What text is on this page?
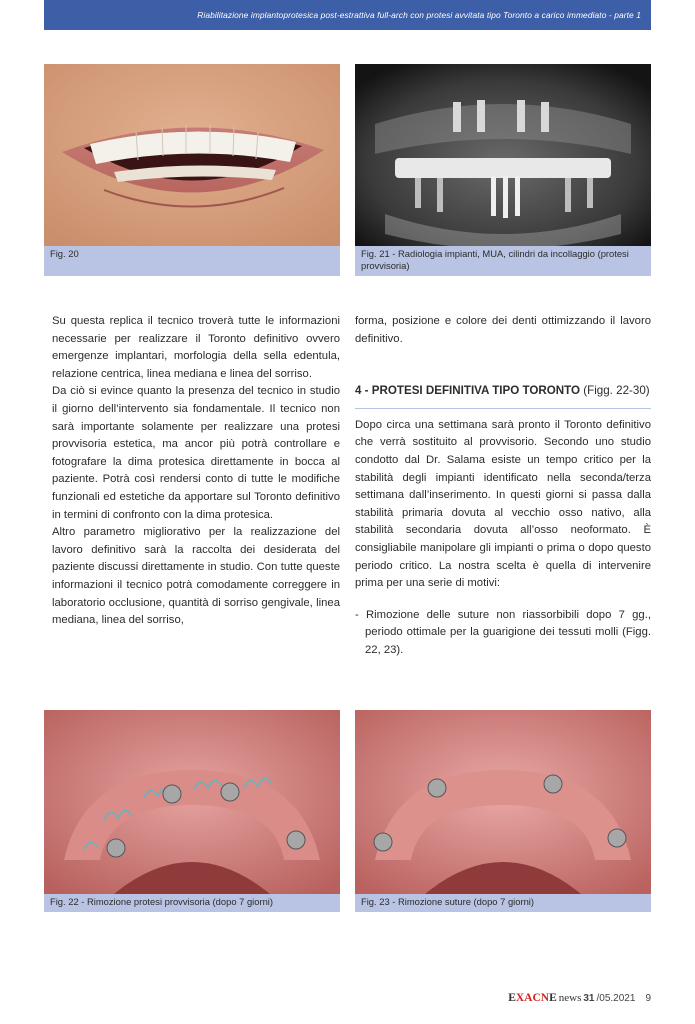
Riabilitazione implantoprotesica post-estrattiva full-arch con protesi avvitata tipo Toronto a carico immediato - parte 1
Fig. 20	Fig. 21 - Radiologia impianti, MUA, cilindri da incollaggio (protesi provvisoria)

Su questa replica il tecnico troverà tutte le informazioni necessarie per realizzare il Toronto definitivo ovvero emergenze implantari, morfologia della sella edentula, relazione centrica, linea mediana e linea del sorriso.

Da ciò si evince quanto la presenza del tecnico in studio il giorno dell’intervento sia fondamentale. Il tecnico non sarà importante solamente per realizzare una protesi provvisoria estetica, ma ancor più potrà controllare e fotografare la dima protesica direttamente in bocca al paziente. Potrà così rendersi conto di tutte le modifiche funzionali ed estetiche da apportare sul Toronto definitivo in termini di confronto con la dima protesica.

Altro parametro migliorativo per la realizzazione del lavoro definitivo sarà la raccolta dei desiderata del paziente discussi direttamente in studio. Con tutte queste informazioni il tecnico potrà comodamente correggere in laboratorio occlusione, quantità di sorriso gengivale, linea mediana, linea del sorriso,

forma, posizione e colore dei denti ottimizzando il lavoro definitivo.

4 - PROTESI DEFINITIVA TIPO TORONTO (Figg. 22-30)

Dopo circa una settimana sarà pronto il Toronto definitivo che verrà sostituito al provvisorio. Secondo uno studio condotto dal Dr. Salama esiste un tempo critico per la stabilità degli impianti identificato nella seconda/terza settimana dall’inserimento. In questi giorni si passa dalla stabilità primaria dovuta al vecchio osso nativo, alla stabilità secondaria dovuta all’osso neoformato. È consigliabile manipolare gli impianti o prima o dopo questo periodo critico. La nostra scelta è quella di intervenire prima per una serie di motivi:

- Rimozione delle suture non riassorbibili dopo 7 gg., periodo ottimale per la guarigione dei tessuti molli (Figg. 22, 23).

Fig. 22 - Rimozione protesi provvisoria (dopo 7 giorni)	Fig. 23 - Rimozione suture (dopo 7 giorni)
EXACNE news 31 /05.2021 9
